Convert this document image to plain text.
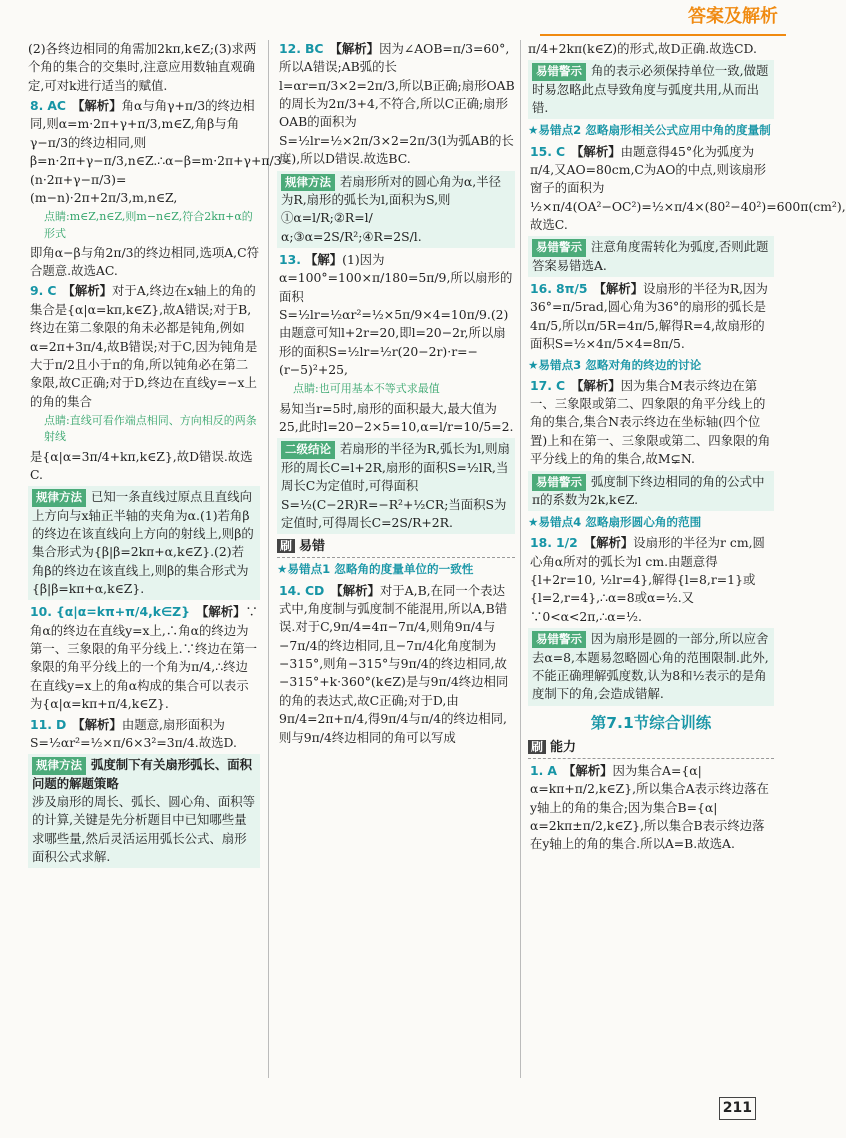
答案及解析

(2)各终边相同的角需加2kπ,k∈Z;(3)求两个角的集合的交集时,注意应用数轴直观确定,可对k进行适当的赋值.

8. AC 【解析】角α与角γ+π/3的终边相同,则α=m·2π+γ+π/3,m∈Z,角β与角γ−π/3的终边相同,则β=n·2π+γ−π/3,n∈Z.∴α−β=m·2π+γ+π/3−(n·2π+γ−π/3)=(m−n)·2π+2π/3,m,n∈Z,

点睛:m∈Z,n∈Z,则m−n∈Z,符合2kπ+α的形式

即角α−β与角2π/3的终边相同,选项A,C符合题意.故选AC.

9. C 【解析】对于A,终边在x轴上的角的集合是{α|α=kπ,k∈Z},故A错误;对于B,终边在第二象限的角未必都是钝角,例如α=2π+3π/4,故B错误;对于C,因为钝角是大于π/2且小于π的角,所以钝角必在第二象限,故C正确;对于D,终边在直线y=−x上的角的集合

点睛:直线可看作端点相同、方向相反的两条射线

是{α|α=3π/4+kπ,k∈Z},故D错误.故选C.

规律方法 已知一条直线过原点且直线向上方向与x轴正半轴的夹角为α.(1)若角β的终边在该直线向上方向的射线上,则β的集合形式为{β|β=2kπ+α,k∈Z}.(2)若角β的终边在该直线上,则β的集合形式为{β|β=kπ+α,k∈Z}.

10. {α|α=kπ+π/4,k∈Z} 【解析】∵角α的终边在直线y=x上,∴角α的终边为第一、三象限的角平分线上.∵终边在第一象限的角平分线上的一个角为π/4,∴终边在直线y=x上的角α构成的集合可以表示为{α|α=kπ+π/4,k∈Z}.

11. D 【解析】由题意,扇形面积为S=½αr²=½×π/6×3²=3π/4.故选D.

规律方法 弧度制下有关扇形弧长、面积问题的解题策略
涉及扇形的周长、弧长、圆心角、面积等的计算,关键是先分析题目中已知哪些量求哪些量,然后灵活运用弧长公式、扇形面积公式求解.

12. BC 【解析】因为∠AOB=π/3=60°,所以A错误;AB弧的长l=αr=π/3×2=2π/3,所以B正确;扇形OAB的周长为2π/3+4,不符合,所以C正确;扇形OAB的面积为S=½lr=½×2π/3×2=2π/3(l为弧AB的长度),所以D错误.故选BC.

规律方法 若扇形所对的圆心角为α,半径为R,扇形的弧长为l,面积为S,则①α=l/R;②R=l/α;③α=2S/R²;④R=2S/l.

13. 【解】(1)因为α=100°=100×π/180=5π/9,所以扇形的面积S=½lr=½αr²=½×5π/9×4=10π/9.(2)由题意可知l+2r=20,即l=20−2r,所以扇形的面积S=½lr=½r(20−2r)·r=−(r−5)²+25,

点睛:也可用基本不等式求最值

易知当r=5时,扇形的面积最大,最大值为25,此时l=20−2×5=10,α=l/r=10/5=2.

二级结论 若扇形的半径为R,弧长为l,则扇形的周长C=l+2R,扇形的面积S=½lR,当周长C为定值时,可得面积S=½(C−2R)R=−R²+½CR;当面积S为定值时,可得周长C=2S/R+2R.
刷 易错
★易错点1 忽略角的度量单位的一致性

14. CD 【解析】对于A,B,在同一个表达式中,角度制与弧度制不能混用,所以A,B错误.对于C,9π/4=4π−7π/4,则角9π/4与−7π/4的终边相同,且−7π/4化角度制为−315°,则角−315°与9π/4的终边相同,故−315°+k·360°(k∈Z)是与9π/4终边相同的角的表达式,故C正确;对于D,由9π/4=2π+π/4,得9π/4与π/4的终边相同,则与9π/4终边相同的角可以写成

π/4+2kπ(k∈Z)的形式,故D正确.故选CD.

易错警示 角的表示必须保持单位一致,做题时易忽略此点导致角度与弧度共用,从而出错.
★易错点2 忽略扇形相关公式应用中角的度量制

15. C 【解析】由题意得45°化为弧度为π/4,又AO=80cm,C为AO的中点,则该扇形窗子的面积为½×π/4(OA²−OC²)=½×π/4×(80²−40²)=600π(cm²),故选C.

易错警示 注意角度需转化为弧度,否则此题答案易错选A.

16. 8π/5 【解析】设扇形的半径为R,因为36°=π/5rad,圆心角为36°的扇形的弧长是4π/5,所以π/5R=4π/5,解得R=4,故扇形的面积S=½×4π/5×4=8π/5.

★易错点3 忽略对角的终边的讨论

17. C 【解析】因为集合M表示终边在第一、三象限或第二、四象限的角平分线上的角的集合,集合N表示终边在坐标轴(四个位置)上和在第一、三象限或第二、四象限的角平分线上的角的集合,故M⊊N.

易错警示 弧度制下终边相同的角的公式中π的系数为2k,k∈Z.
★易错点4 忽略扇形圆心角的范围

18. 1/2 【解析】设扇形的半径为r cm,圆心角α所对的弧长为l cm.由题意得{l+2r=10, ½lr=4},解得{l=8,r=1}或{l=2,r=4},∴α=8或α=½.又∵0<α<2π,∴α=½.

易错警示 因为扇形是圆的一部分,所以应舍去α=8,本题易忽略圆心角的范围限制.此外,不能正确理解弧度数,认为8和½表示的是角度制下的角,会造成错解.
第7.1节综合训练
刷 能力

1. A 【解析】因为集合A={α|α=kπ+π/2,k∈Z},所以集合A表示终边落在y轴上的角的集合;因为集合B={α|α=2kπ±π/2,k∈Z},所以集合B表示终边落在y轴上的角的集合.所以A=B.故选A.

211
